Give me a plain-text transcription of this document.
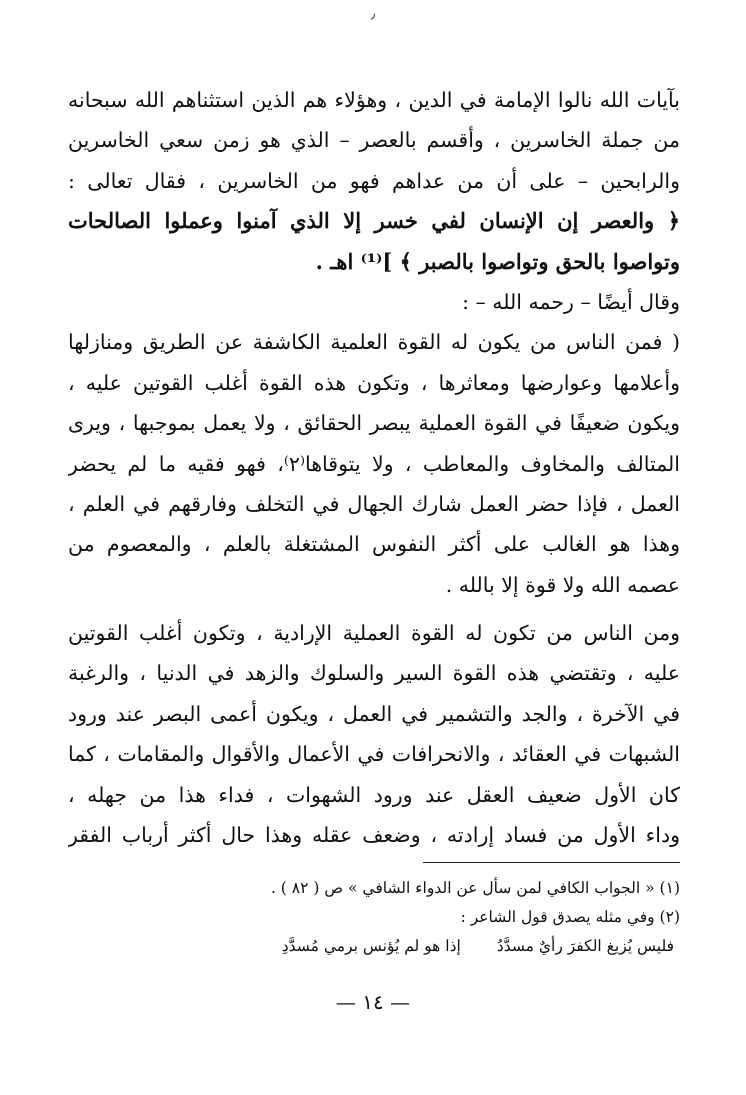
٫
بآيات الله نالوا الإمامة في الدين ، وهؤلاء هم الذين استثناهم الله سبحانه
من جملة الخاسرين ، وأقسم بالعصر – الذي هو زمن سعي الخاسرين
والرابحين – على أن من عداهم فهو من الخاسرين ، فقال تعالى :
﴿ والعصر إن الإنسان لفي خسر إلا الذي آمنوا وعملوا الصالحات
وتواصوا بالحق وتواصوا بالصبر ﴾ ]⁽¹⁾ اهـ .
وقال أيضًا – رحمه الله – :
( فمن الناس من يكون له القوة العلمية الكاشفة عن الطريق ومنازلها
وأعلامها وعوارضها ومعاثرها ، وتكون هذه القوة أغلب القوتين عليه ،
ويكون ضعيفًا في القوة العملية يبصر الحقائق ، ولا يعمل بموجبها ، ويرى
المتالف والمخاوف والمعاطب ، ولا يتوقاها⁽٢⁾، فهو فقيه ما لم يحضر
العمل ، فإذا حضر العمل شارك الجهال في التخلف وفارقهم في العلم ،
وهذا هو الغالب على أكثر النفوس المشتغلة بالعلم ، والمعصوم من
عصمه الله ولا قوة إلا بالله .
ومن الناس من تكون له القوة العملية الإرادية ، وتكون أغلب القوتين
عليه ، وتقتضي هذه القوة السير والسلوك والزهد في الدنيا ، والرغبة
في الآخرة ، والجد والتشمير في العمل ، ويكون أعمى البصر عند ورود
الشبهات في العقائد ، والانحرافات في الأعمال والأقوال والمقامات ، كما
كان الأول ضعيف العقل عند ورود الشهوات ، فداء هذا من جهله ،
وداء الأول من فساد إرادته ، وضعف عقله وهذا حال أكثر أرباب الفقر
(١) « الجواب الكافي لمن سأل عن الدواء الشافي » ص ( ٨٢ ) .
(٢) وفي مثله يصدق قول الشاعر :
فليس يُزيغ الكفرَ رأيٌ مسدَّدُ
إذا هو لم يُؤنس برمي مُسدَّدِ
— ١٤ —
